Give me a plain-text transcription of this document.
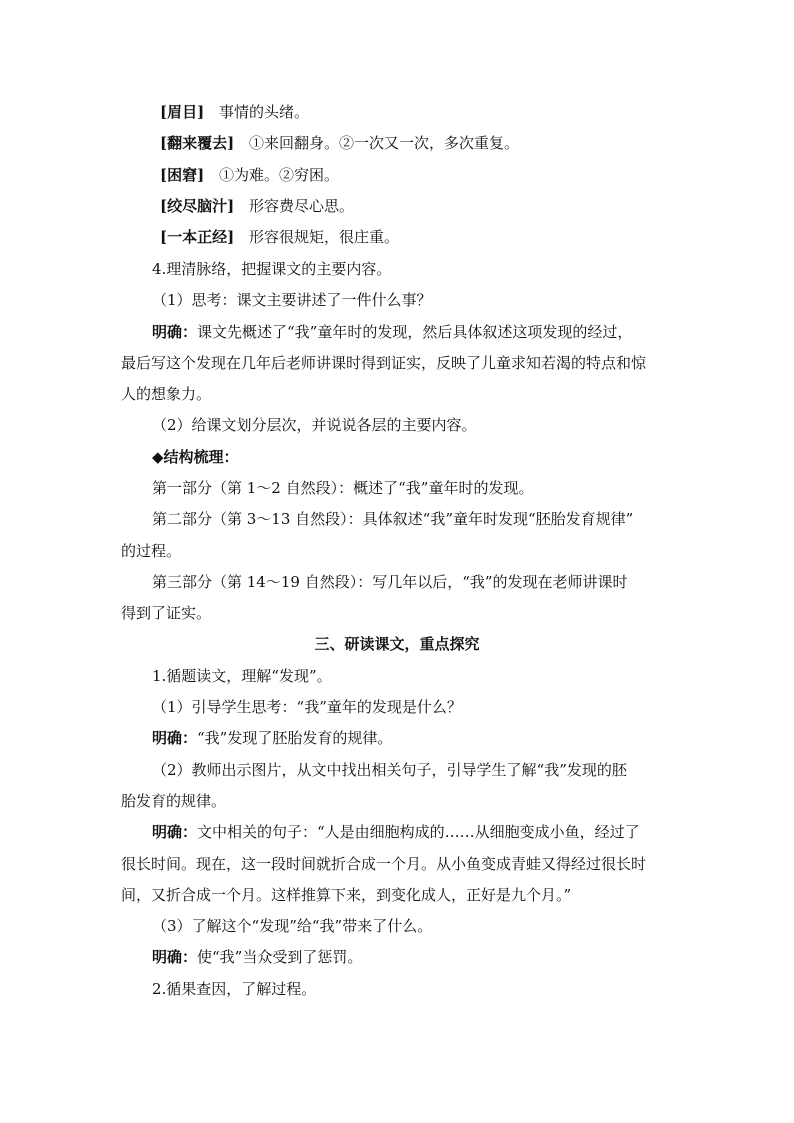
[眉目] 事情的头绪。
[翻来覆去] ①来回翻身。②一次又一次，多次重复。
[困窘] ①为难。②穷困。
[绞尽脑汁] 形容费尽心思。
[一本正经] 形容很规矩，很庄重。
4.理清脉络，把握课文的主要内容。
（1）思考：课文主要讲述了一件什么事？
明确：课文先概述了“我”童年时的发现，然后具体叙述这项发现的经过，
最后写这个发现在几年后老师讲课时得到证实，反映了儿童求知若渴的特点和惊
人的想象力。
（2）给课文划分层次，并说说各层的主要内容。
◆结构梳理：
第一部分（第 1～2 自然段）：概述了“我”童年时的发现。
第二部分（第 3～13 自然段）：具体叙述“我”童年时发现“胚胎发育规律”
的过程。
第三部分（第 14～19 自然段）：写几年以后，“我”的发现在老师讲课时
得到了证实。
三、研读课文，重点探究
1.循题读文，理解“发现”。
（1）引导学生思考：“我”童年的发现是什么？
明确：“我”发现了胚胎发育的规律。
（2）教师出示图片，从文中找出相关句子，引导学生了解“我”发现的胚
胎发育的规律。
明确：文中相关的句子：“人是由细胞构成的……从细胞变成小鱼，经过了
很长时间。现在，这一段时间就折合成一个月。从小鱼变成青蛙又得经过很长时
间，又折合成一个月。这样推算下来，到变化成人，正好是九个月。”
（3）了解这个“发现”给“我”带来了什么。
明确：使“我”当众受到了惩罚。
2.循果查因，了解过程。
